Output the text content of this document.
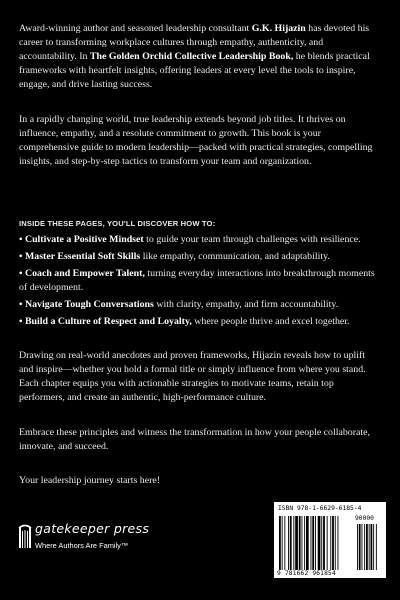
Award-winning author and seasoned leadership consultant G.K. Hijazin has devoted his career to transforming workplace cultures through empathy, authenticity, and accountability. In The Golden Orchid Collective Leadership Book, he blends practical frameworks with heartfelt insights, offering leaders at every level the tools to inspire, engage, and drive lasting success.

In a rapidly changing world, true leadership extends beyond job titles. It thrives on influence, empathy, and a resolute commitment to growth. This book is your comprehensive guide to modern leadership—packed with practical strategies, compelling insights, and step-by-step tactics to transform your team and organization.

INSIDE THESE PAGES, YOU'LL DISCOVER HOW TO:

• Cultivate a Positive Mindset to guide your team through challenges with resilience.

• Master Essential Soft Skills like empathy, communication, and adaptability.

• Coach and Empower Talent, turning everyday interactions into breakthrough moments of development.

• Navigate Tough Conversations with clarity, empathy, and firm accountability.

• Build a Culture of Respect and Loyalty, where people thrive and excel together.

Drawing on real-world anecdotes and proven frameworks, Hijazin reveals how to uplift and inspire—whether you hold a formal title or simply influence from where you stand. Each chapter equips you with actionable strategies to motivate teams, retain top performers, and create an authentic, high-performance culture.

Embrace these principles and witness the transformation in how your people collaborate, innovate, and succeed.

Your leadership journey starts here!

gatekeeper press
Where Authors Are Family™
ISBN 978-1-6629-6185-4
90000
9 781662 961854
